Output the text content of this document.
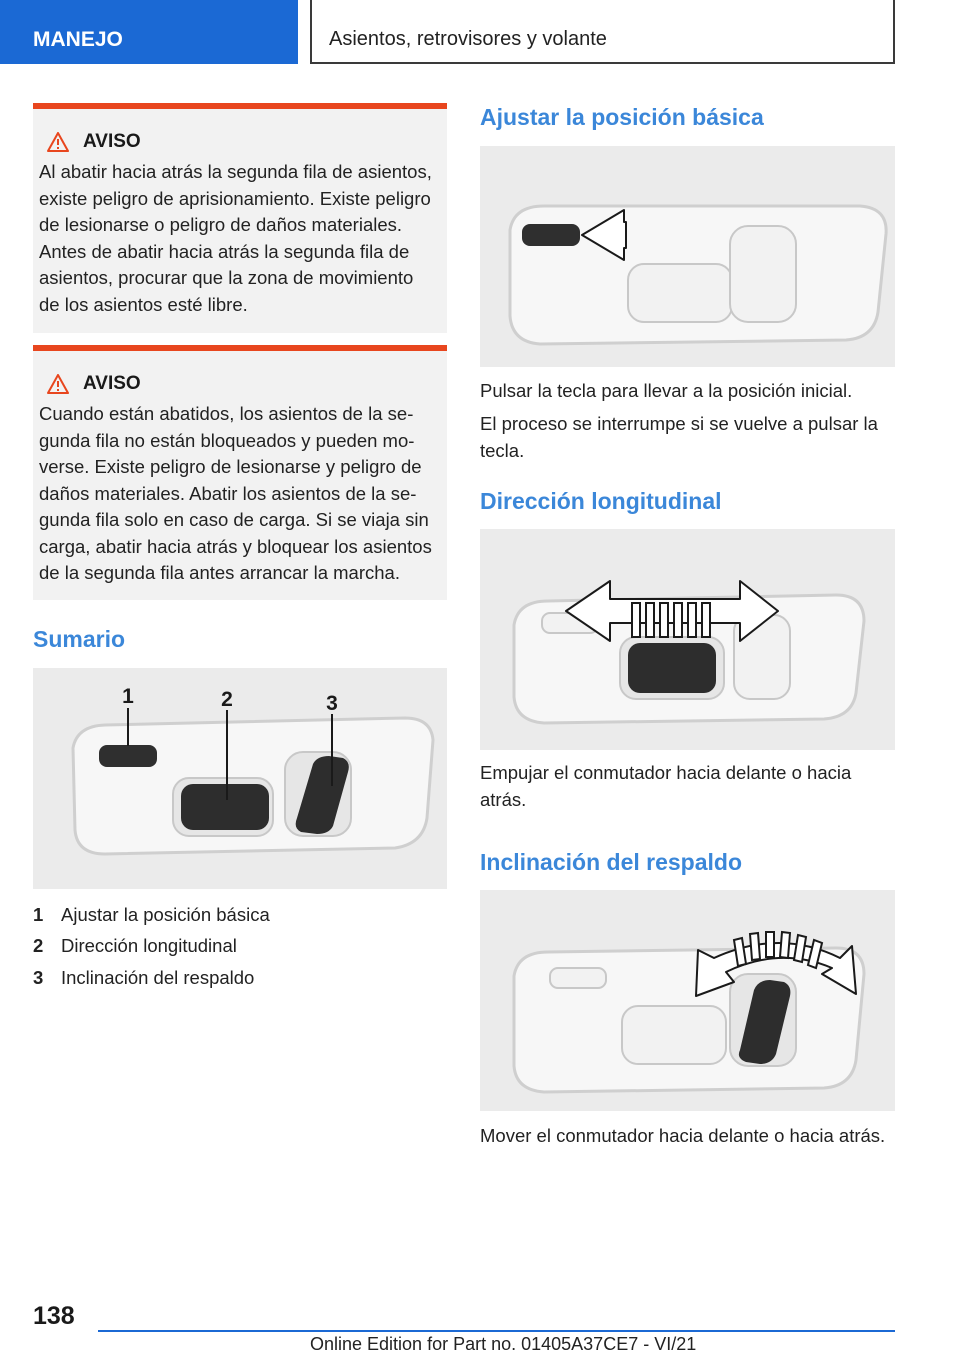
MANEJO	Asientos, retrovisores y volante
AVISO
Al abatir hacia atrás la segunda fila de asientos, existe peligro de aprisionamiento. Existe peligro de lesionarse o peligro de daños materiales. Antes de abatir hacia atrás la segunda fila de asientos, procurar que la zona de movimiento de los asientos esté libre.
AVISO
Cuando están abatidos, los asientos de la segunda fila no están bloqueados y pueden moverse. Existe peligro de lesionarse y peligro de daños materiales. Abatir los asientos de la segunda fila solo en caso de carga. Si se viaja sin carga, abatir hacia atrás y bloquear los asientos de la segunda fila antes arrancar la marcha.
Sumario
1	2	3
1 Ajustar la posición básica
2 Dirección longitudinal
3 Inclinación del respaldo
Ajustar la posición básica
Pulsar la tecla para llevar a la posición inicial.
El proceso se interrumpe si se vuelve a pulsar la tecla.
Dirección longitudinal
Empujar el conmutador hacia delante o hacia atrás.
Inclinación del respaldo
Mover el conmutador hacia delante o hacia atrás.
138
Online Edition for Part no. 01405A37CE7 - VI/21
